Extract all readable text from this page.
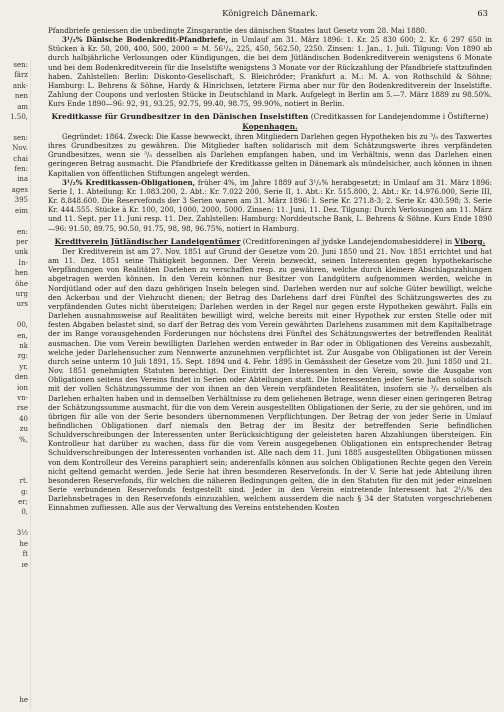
sen:
färz
ank-
nen
am
1.50,

sen:
Nov.
chai
fen:
ina
ages
395
eim

en:
per
unk
In-
hen
öhe
urg
urs

00,
en,
nk
rg:
yr,
den
ion
vn-
rse
40
zu
%,

rt.
g:
er;
0,

3½
he
ft
ıe

he

Königreich Dänemark.	63

Pfandbriefe geniessen die unbedingte Zinsgarantie des dänischen Staates laut Gesetz vom 28. Mai 1880.

3¹/₂% Dänische Bodenkredit-Pfandbriefe, in Umlauf am 31. März 1896: 1. Kr. 25 830 600; 2. Kr. 6 297 650 in Stücken à Kr. 50, 200, 400, 500, 2000 = M. 56¹/₄, 225, 450, 562.50, 2250. Zinsen: 1. Jan., 1. Juli. Tilgung: Von 1890 ab durch halbjährliche Verlosungen oder Kündigungen, die bei dem Jütländischen Bodenkreditverein wenigstens 6 Monate und bei dem Bodenkreditverein für die Inselstifte wenigstens 3 Monate vor der Rückzahlung der Pfandbriefe stattzufinden haben. Zahlstellen: Berlin: Diskonto-Gesellschaft, S. Bleichröder; Frankfurt a. M.: M. A. von Rothschild & Söhne; Hamburg: L. Behrens & Söhne, Hardy & Hinrichsen, letztere Firma aber nur für den Bodenkreditverein der Inselstifte. Zahlung der Coupons und verlosten Stücke in Deutschland in Mark. Aufgelegt in Berlin am 5.—7. März 1889 zu 98.50%. Kurs Ende 1890—96: 92, 91, 93.25, 92.75, 99.40, 98.75, 99.90%, notiert in Berlin.

Kreditkasse für Grundbesitzer in den Dänischen Inselstiften (Creditkassen for Landejendomme i Östifterne) Kopenhagen.

Gegründet: 1864. Zweck: Die Kasse bewweckt, ihren Mitgliedern Darlehen gegen Hypotheken bis zu ³/₅ des Taxwertes ihres Grundbesitzes zu gewähren. Die Mitglieder haften solidarisch mit dem Schätzungswerte ihres verpfändeten Grundbesitzes, wenn sie ³/₅ desselben als Darlehen empfangen haben, und im Verhältnis, wenn das Darlehen einen geringeren Betrag ausmacht. Die Pfandbriefe der Kreditkasse gelten in Dänemark als mündelsicher, auch können in ihnen Kapitalien von öffentlichen Stiftungen angelegt werden.

3¹/₂% Kreditkassen-Obligationen, früher 4%, im Jahre 1889 auf 3¹/₂% herabgesetzt; in Umlauf am 31. März 1896: Serie I, 1. Abteilung: Kr. 1.083.200, 2. Abt.: Kr. 7.022 200, Serie II, 1. Abt.: Kr. 515.800, 2. Abt.: Kr. 14.976.000, Serie III, Kr. 8.848.600. Die Reservefonds der 3 Serien waren am 31. März 1896: I. Serie Kr. 271.8-3; 2. Serie Kr. 430.598; 3. Serie Kr. 444.555. Stücke à Kr. 100, 200, 1000, 2000, 5000. Zinsen: 11. Juni, 11. Dez. Tilgung: Durch Verlosungen am 11. März und 11. Sept. per 11. Juni resp. 11. Dez. Zahlstellen: Hamburg: Norddeutsche Bank, L. Behrens & Söhne. Kurs Ende 1890—96: 91.50, 89.75, 90.50, 91.75, 98, 98, 96.75%, notiert in Hamburg.

Kreditverein Jütländischer Landeigentümer (Creditforeningen af jydske Landejendomsbesiddere) in Viborg.

Der Kreditverein ist am 27. Nov. 1851 auf Grund der Gesetze vom 20. Juni 1850 und 21. Nov. 1851 errichtet und hat am 11. Dez. 1851 seine Thätigkeit begonnen. Der Verein bezweckt, seinen Interessenten gegen hypothekarische Verpfändungen von Realitäten Darlehen zu verschaffen resp. zu gewähren, welche durch kleinere Abschlagszahlungen abgetragen werden können. In den Verein können nur Besitzer von Landgütern aufgenommen werden, welche in Nordjütland oder auf den dazu gehörigen Inseln belegen sind. Darlehen werden nur auf solche Güter bewilligt, welche den Ackerbau und der Viehzucht dienen; der Betrag des Darlehens darf drei Fünftel des Schätzungswertes des zu verpfändenden Gutes nicht übersteigen; Darlehen werden in der Regel nur gegen erste Hypotheken gewährt. Falls ein Darlehen ausnahmsweise auf Realitäten bewilligt wird, welche bereits mit einer Hypothek zur ersten Stelle oder mit festen Abgaben belastet sind, so darf der Betrag des vom Verein gewährten Darlehens zusammen mit dem Kapitalbetrage der im Range vorausgehenden Forderungen nur höchstens drei Fünftel des Schätzungswertes der betreffenden Realität ausmachen. Die vom Verein bewilligten Darlehen werden entweder in Bar oder in Obligationen des Vereins ausbezahlt, welche jeder Darlehensucher zum Nennwerte anzunehmen verpflichtet ist. Zur Ausgabe von Obligationen ist der Verein durch seine unterm 10 Juli 1891, 15. Sept. 1894 und 4. Febr. 1895 in Gemässheit der Gesetze vom 20. Juni 1850 und 21. Nov. 1851 genehmigten Statuten berechtigt. Der Eintritt der Interessenten in den Verein, sowie die Ausgabe von Obligationen seitens des Vereins findet in Serien oder Abteilungen statt. Die Interessenten jeder Serie haften solidarisch mit der vollen Schätzungssumme der von ihnen an den Verein verpfändeten Realitäten, insofern sie ³/₅ derselben als Darlehen erhalten haben und in demselben Verhältnisse zu dem geliehenen Betrage, wenn dieser einen geringeren Betrag der Schätzungssumme ausmacht, für die von dem Verein ausgestellten Obligationen der Serie, zu der sie gehören, und im übrigen für alle von der Serie besonders übernommenen Verpflichtungen. Der Betrag der von jeder Serie in Umlauf befindlichen Obligationen darf niemals den Betrag der im Besitz der betreffenden Serie befindlichen Schuldverschreibungen der Interessenten unter Berücksichtigung der geleisteten baren Abzahlungen übersteigen. Ein Kontrolleur hat darüber zu wachen, dass für die vom Verein ausgegebenen Obligationen ein entsprechender Betrag Schuldverschreibungen der Interessenten vorhanden ist. Alle nach dem 11. Juni 1885 ausgestellten Obligationen müssen von dem Kontrolleur des Vereins paraphiert sein; anderenfalls können aus solchen Obligationen Rechte gegen den Verein nicht geltend gemacht werden. Jede Serie hat ihren besonderen Reservefonds. In der V. Serie hat jede Abteilung ihren besonderen Reservefonds, für welchen die näheren Bedingungen gelten, die in den Statuten für den mit jeder einzelnen Serie verbundenen Reservefonds festgestellt sind. Jeder in den Verein eintretende Interessent hat 2¹/₂% des Darlehnsbetrages in den Reservefonds einzuzahlen, welchem ausserdem die nach § 34 der Statuten vorgeschriebenen Einnahmen zufliessen. Alle aus der Verwaltung des Vereins entstehenden Kosten
